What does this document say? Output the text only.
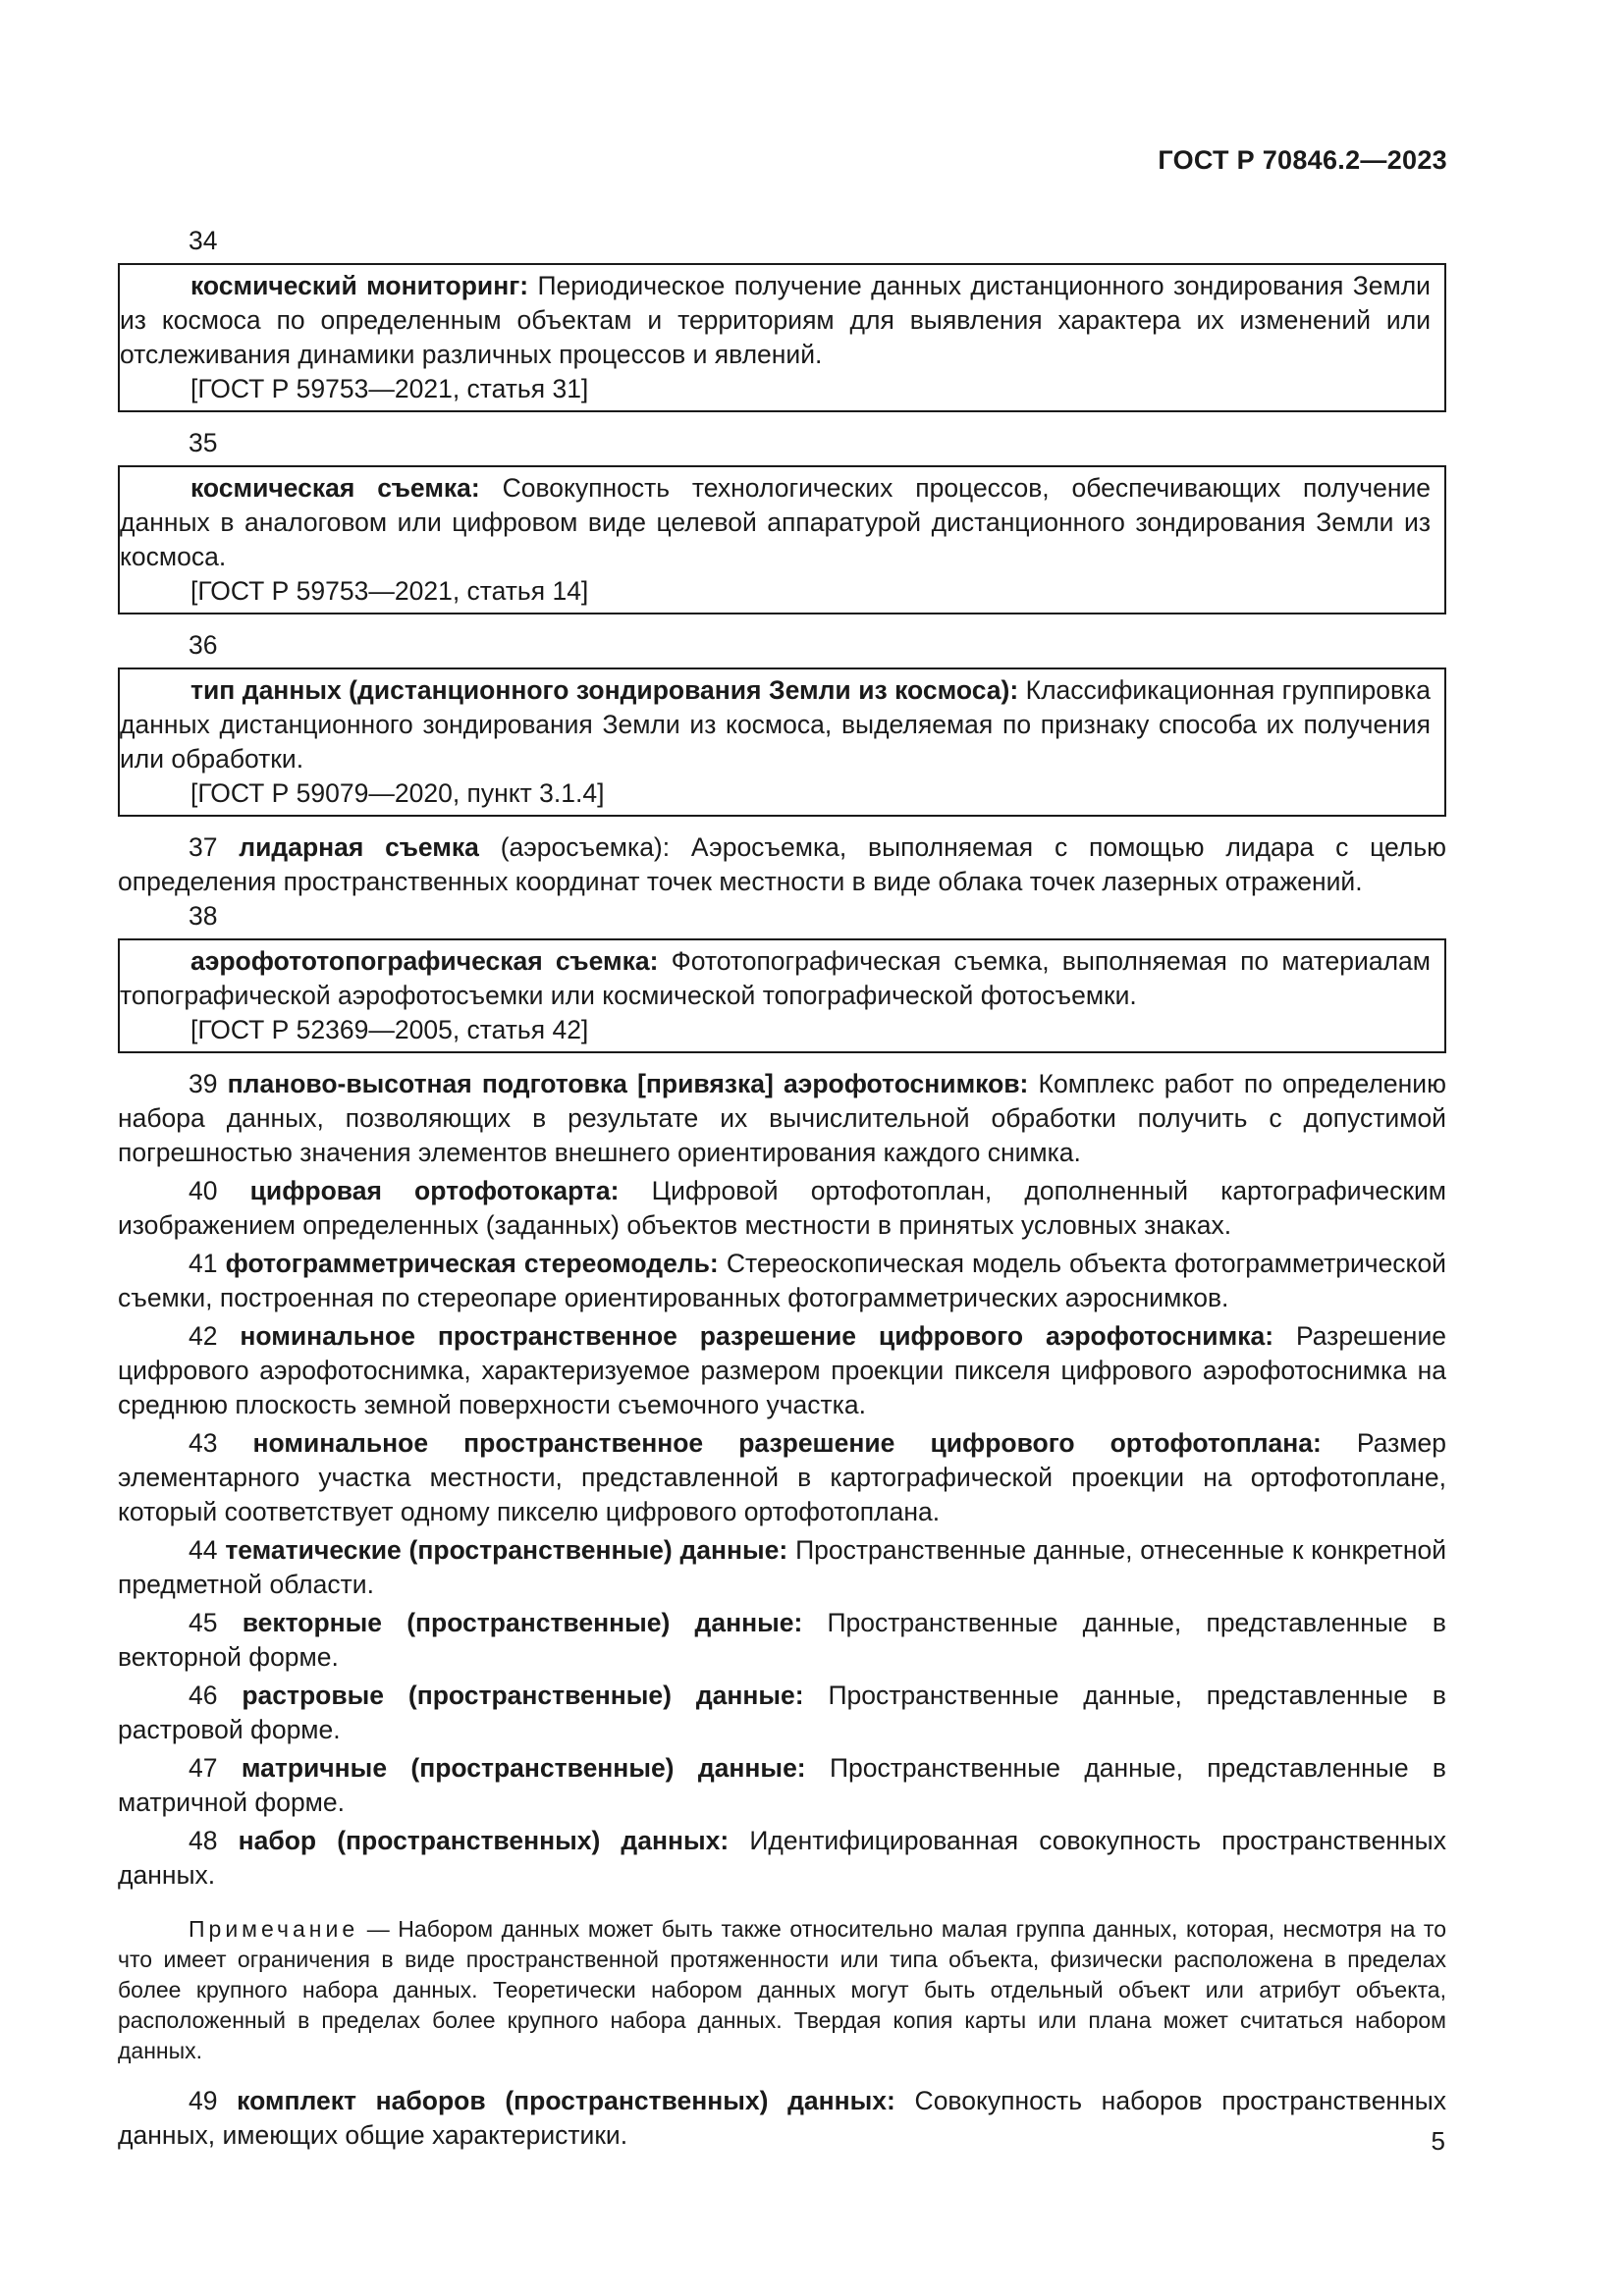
ГОСТ Р 70846.2—2023

34

космический мониторинг: Периодическое получение данных дистанционного зондирования Земли из космоса по определенным объектам и территориям для выявления характера их изменений или отслеживания динамики различных процессов и явлений.

[ГОСТ Р 59753—2021, статья 31]

35

космическая съемка: Совокупность технологических процессов, обеспечивающих получение данных в аналоговом или цифровом виде целевой аппаратурой дистанционного зондирования Земли из космоса.

[ГОСТ Р 59753—2021, статья 14]

36

тип данных (дистанционного зондирования Земли из космоса): Классификационная группировка данных дистанционного зондирования Земли из космоса, выделяемая по признаку способа их получения или обработки.

[ГОСТ Р 59079—2020, пункт 3.1.4]

37 лидарная съемка (аэросъемка): Аэросъемка, выполняемая с помощью лидара с целью определения пространственных координат точек местности в виде облака точек лазерных отражений.

38

аэрофототопографическая съемка: Фототопографическая съемка, выполняемая по материалам топографической аэрофотосъемки или космической топографической фотосъемки.

[ГОСТ Р 52369—2005, статья 42]

39 планово-высотная подготовка [привязка] аэрофотоснимков: Комплекс работ по определению набора данных, позволяющих в результате их вычислительной обработки получить с допустимой погрешностью значения элементов внешнего ориентирования каждого снимка.

40 цифровая ортофотокарта: Цифровой ортофотоплан, дополненный картографическим изображением определенных (заданных) объектов местности в принятых условных знаках.

41 фотограмметрическая стереомодель: Стереоскопическая модель объекта фотограмметрической съемки, построенная по стереопаре ориентированных фотограмметрических аэроснимков.

42 номинальное пространственное разрешение цифрового аэрофотоснимка: Разрешение цифрового аэрофотоснимка, характеризуемое размером проекции пикселя цифрового аэрофотоснимка на среднюю плоскость земной поверхности съемочного участка.

43 номинальное пространственное разрешение цифрового ортофотоплана: Размер элементарного участка местности, представленной в картографической проекции на ортофотоплане, который соответствует одному пикселю цифрового ортофотоплана.

44 тематические (пространственные) данные: Пространственные данные, отнесенные к конкретной предметной области.

45 векторные (пространственные) данные: Пространственные данные, представленные в векторной форме.

46 растровые (пространственные) данные: Пространственные данные, представленные в растровой форме.

47 матричные (пространственные) данные: Пространственные данные, представленные в матричной форме.

48 набор (пространственных) данных: Идентифицированная совокупность пространственных данных.

Примечание — Набором данных может быть также относительно малая группа данных, которая, несмотря на то что имеет ограничения в виде пространственной протяженности или типа объекта, физически расположена в пределах более крупного набора данных. Теоретически набором данных могут быть отдельный объект или атрибут объекта, расположенный в пределах более крупного набора данных. Твердая копия карты или плана может считаться набором данных.

49 комплект наборов (пространственных) данных: Совокупность наборов пространственных данных, имеющих общие характеристики.	5
